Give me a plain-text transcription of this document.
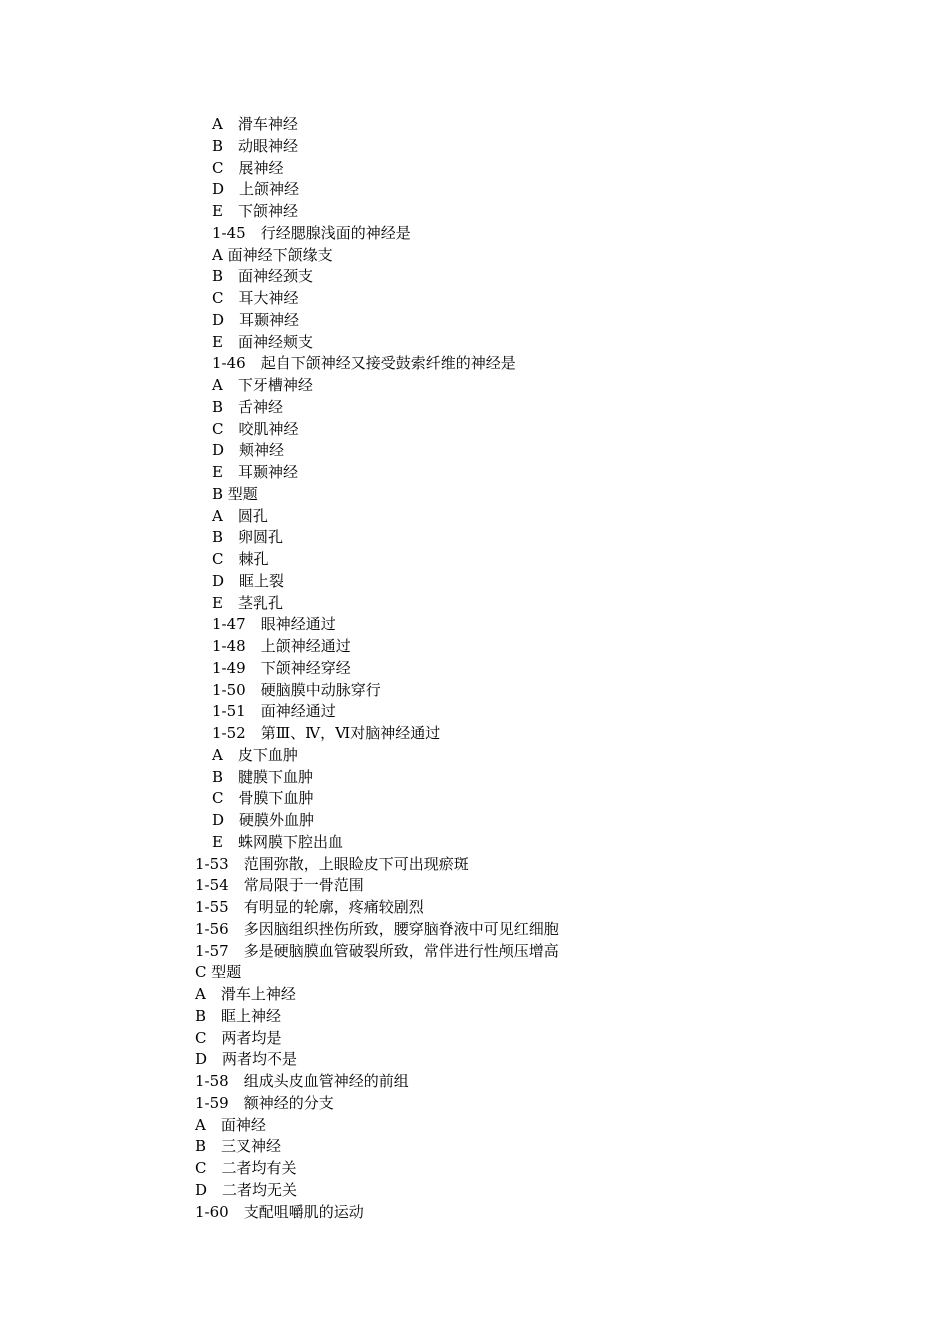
A　滑车神经
B　动眼神经
C　展神经
D　上颌神经
E　下颌神经
1-45　行经腮腺浅面的神经是
A 面神经下颌缘支
B　面神经颈支
C　耳大神经
D　耳颞神经
E　面神经颊支
1-46　起自下颌神经又接受鼓索纤维的神经是
A　下牙槽神经
B　舌神经
C　咬肌神经
D　颊神经
E　耳颞神经
B 型题
A　圆孔
B　卵圆孔
C　棘孔
D　眶上裂
E　茎乳孔
1-47　眼神经通过
1-48　上颌神经通过
1-49　下颌神经穿经
1-50　硬脑膜中动脉穿行
1-51　面神经通过
1-52　第Ⅲ、Ⅳ，Ⅵ对脑神经通过
A　皮下血肿
B　腱膜下血肿
C　骨膜下血肿
D　硬膜外血肿
E　蛛网膜下腔出血
1-53　范围弥散，上眼睑皮下可出现瘀斑
1-54　常局限于一骨范围
1-55　有明显的轮廓，疼痛较剧烈
1-56　多因脑组织挫伤所致，腰穿脑脊液中可见红细胞
1-57　多是硬脑膜血管破裂所致，常伴进行性颅压增高
C 型题
A　滑车上神经
B　眶上神经
C　两者均是
D　两者均不是
1-58　组成头皮血管神经的前组
1-59　额神经的分支
A　面神经
B　三叉神经
C　二者均有关
D　二者均无关
1-60　支配咀嚼肌的运动
